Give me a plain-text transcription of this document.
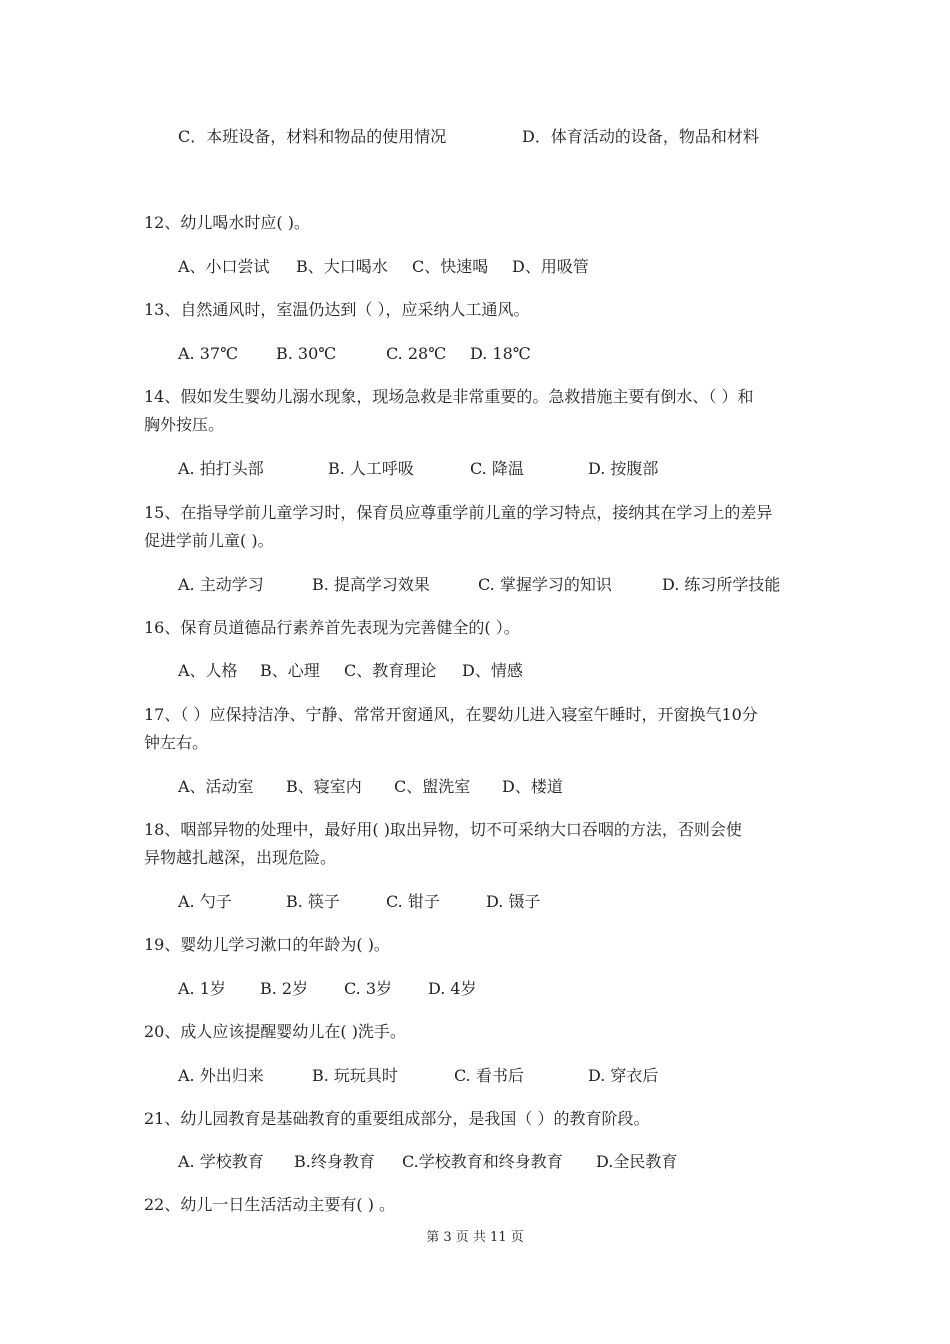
C．本班设备，材料和物品的使用情况	D．体育活动的设备，物品和材料
12、幼儿喝水时应( )。
A、小口尝试 B、大口喝水 C、快速喝 D、用吸管
13、自然通风时，室温仍达到（ ），应采纳人工通风。
A. 37℃ B. 30℃	C. 28℃ D. 18℃
14、假如发生婴幼儿溺水现象，现场急救是非常重要的。急救措施主要有倒水、（ ）和
胸外按压。
A. 拍打头部	B. 人工呼吸	C. 降温	D. 按腹部
15、在指导学前儿童学习时，保育员应尊重学前儿童的学习特点，接纳其在学习上的差异
促进学前儿童( )。
A. 主动学习	B. 提高学习效果	C. 掌握学习的知识	D. 练习所学技能
16、保育员道德品行素养首先表现为完善健全的( ）。
A、人格 B、心理 C、教育理论 D、情感
17、（ ）应保持洁净、宁静、常常开窗通风，在婴幼儿进入寝室午睡时，开窗换气10分
钟左右。
A、活动室 B、寝室内 C、盥洗室 D、楼道
18、咽部异物的处理中，最好用( )取出异物，切不可采纳大口吞咽的方法，否则会使
异物越扎越深，出现危险。
A. 勺子	B. 筷子	C. 钳子	D. 镊子
19、婴幼儿学习漱口的年龄为( )。
A. 1岁 B. 2岁 C. 3岁 D. 4岁
20、成人应该提醒婴幼儿在( )洗手。
A. 外出归来	B. 玩玩具时	C. 看书后	D. 穿衣后
21、幼儿园教育是基础教育的重要组成部分，是我国（ ）的教育阶段。
A. 学校教育 B.终身教育 C.学校教育和终身教育 D.全民教育
22、幼儿一日生活活动主要有( ) 。
第 3 页 共 11 页
